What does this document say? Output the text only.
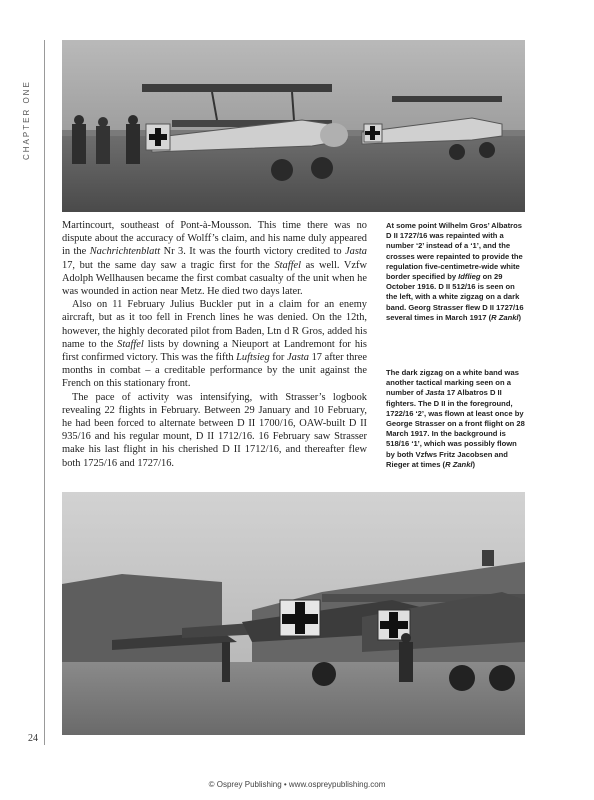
CHAPTER ONE

Martincourt, southeast of Pont-à-Mousson. This time there was no dispute about the accuracy of Wolff’s claim, and his name duly appeared in the Nachrichtenblatt Nr 3. It was the fourth victory credited to Jasta 17, but the same day saw a tragic first for the Staffel as well. Vzfw Adolph Wellhausen became the first combat casualty of the unit when he was wounded in action near Metz. He died two days later.

Also on 11 February Julius Buckler put in a claim for an enemy aircraft, but as it too fell in French lines he was denied. On the 12th, however, the highly decorated pilot from Baden, Ltn d R Gros, added his name to the Staffel lists by downing a Nieuport at Landremont for his first confirmed victory. This was the fifth Luftsieg for Jasta 17 after three months in combat – a creditable performance by the unit against the French on this stationary front.

The pace of activity was intensifying, with Strasser’s logbook revealing 22 flights in February. Between 29 January and 10 February, he had been forced to alternate between D II 1700/16, OAW-built D II 935/16 and his regular mount, D II 1712/16. 16 February saw Strasser make his last flight in his cherished D II 1712/16, and thereafter flew both 1725/16 and 1727/16.

At some point Wilhelm Gros’ Albatros D II 1727/16 was repainted with a number ‘2’ instead of a ‘1’, and the crosses were repainted to provide the regulation five-centimetre-wide white border specified by Idflieg on 29 October 1916. D II 512/16 is seen on the left, with a white zigzag on a dark band. Georg Strasser flew D II 1727/16 several times in March 1917 (R Zankl)
The dark zigzag on a white band was another tactical marking seen on a number of Jasta 17 Albatros D II fighters. The D II in the foreground, 1722/16 ‘2’, was flown at least once by George Strasser on a front flight on 28 March 1917. In the background is 518/16 ‘1’, which was possibly flown by both Vzfws Fritz Jacobsen and Rieger at times (R Zankl)
24
© Osprey Publishing • www.ospreypublishing.com
